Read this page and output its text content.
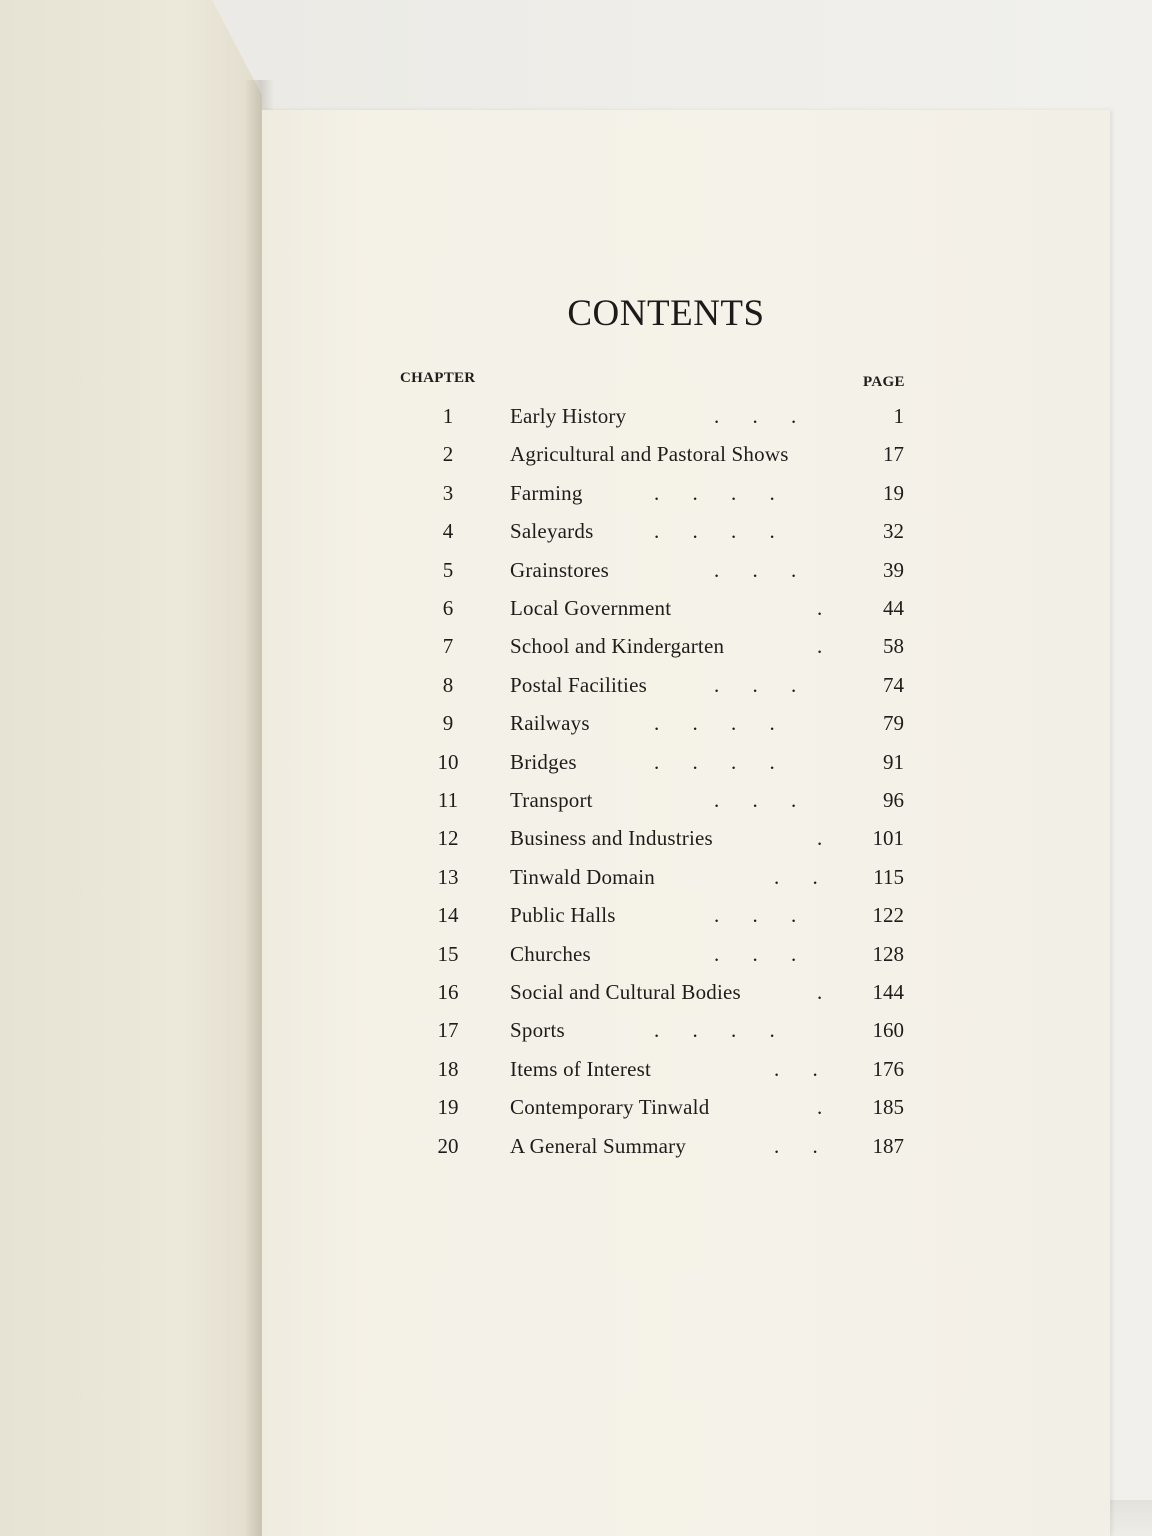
CONTENTS
CHAPTER	PAGE
1	Early History	. . .	1
2	Agricultural and Pastoral Shows	17
3	Farming	. . . .	19
4	Saleyards	. . . .	32
5	Grainstores	. . .	39
6	Local Government	.	44
7	School and Kindergarten	.	58
8	Postal Facilities	. . .	74
9	Railways	. . . .	79
10	Bridges	. . . .	91
11	Transport	. . .	96
12	Business and Industries	.	101
13	Tinwald Domain	. .	115
14	Public Halls	. . .	122
15	Churches	. . .	128
16	Social and Cultural Bodies	.	144
17	Sports	. . . .	160
18	Items of Interest	. .	176
19	Contemporary Tinwald	.	185
20	A General Summary	. .	187
